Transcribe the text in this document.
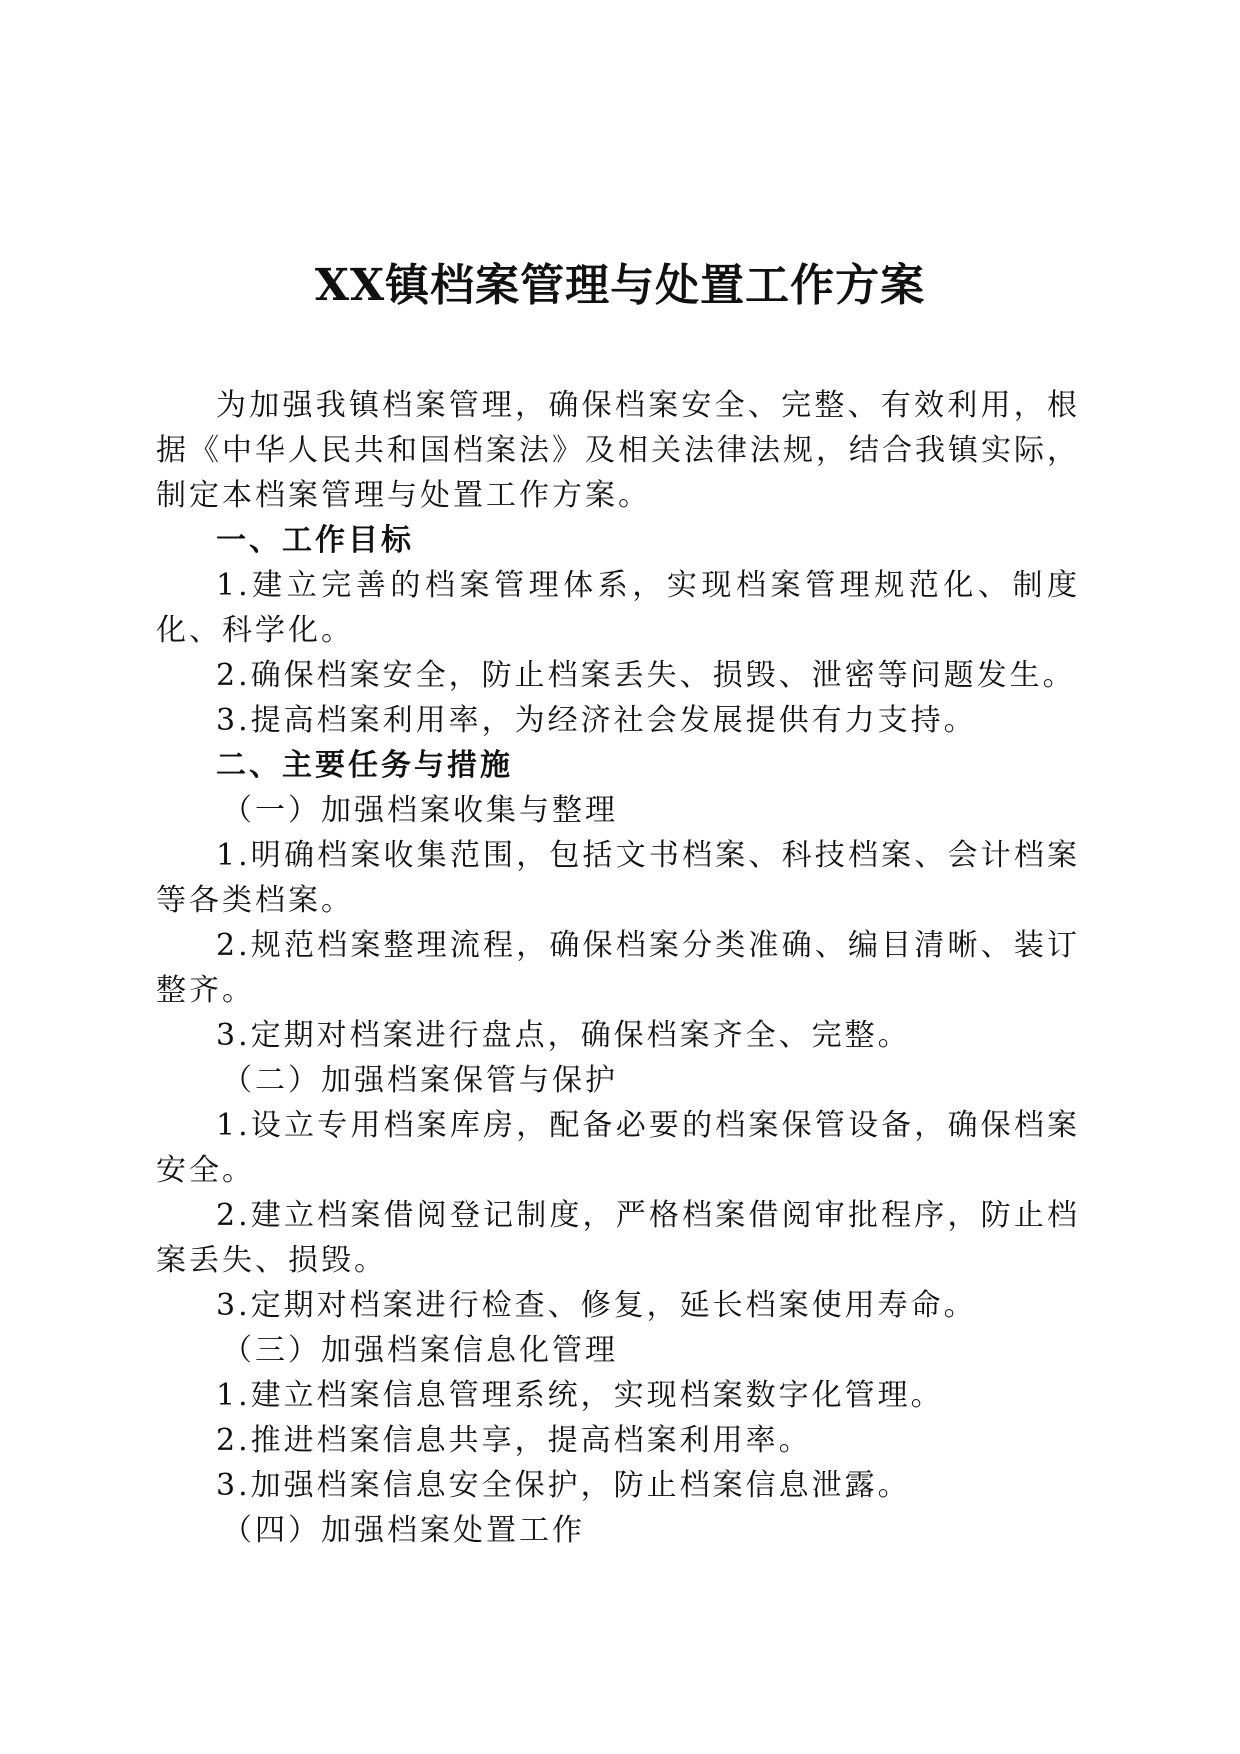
XX镇档案管理与处置工作方案

为加强我镇档案管理，确保档案安全、完整、有效利用，根据《中华人民共和国档案法》及相关法律法规，结合我镇实际，制定本档案管理与处置工作方案。

一、工作目标

1.建立完善的档案管理体系，实现档案管理规范化、制度化、科学化。

2.确保档案安全，防止档案丢失、损毁、泄密等问题发生。

3.提高档案利用率，为经济社会发展提供有力支持。

二、主要任务与措施

（一）加强档案收集与整理

1.明确档案收集范围，包括文书档案、科技档案、会计档案等各类档案。

2.规范档案整理流程，确保档案分类准确、编目清晰、装订整齐。

3.定期对档案进行盘点，确保档案齐全、完整。

（二）加强档案保管与保护

1.设立专用档案库房，配备必要的档案保管设备，确保档案安全。

2.建立档案借阅登记制度，严格档案借阅审批程序，防止档案丢失、损毁。

3.定期对档案进行检查、修复，延长档案使用寿命。

（三）加强档案信息化管理

1.建立档案信息管理系统，实现档案数字化管理。

2.推进档案信息共享，提高档案利用率。

3.加强档案信息安全保护，防止档案信息泄露。

（四）加强档案处置工作
